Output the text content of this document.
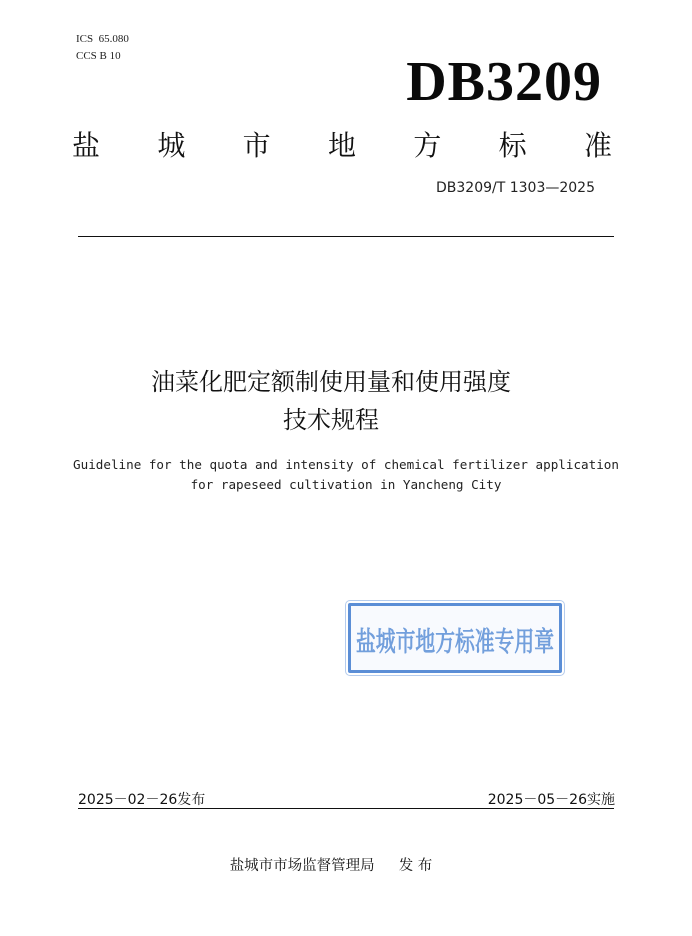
ICS 65.080
CCS B 10	DB3209
盐 城 市 地 方 标 准
DB3209/T 1303—2025
油菜化肥定额制使用量和使用强度
技术规程
Guideline for the quota and intensity of chemical fertilizer application
for rapeseed cultivation in Yancheng City
盐城市地方标准专用章
2025－02－26发布	2025－05－26实施
盐城市市场监督管理局 发 布
